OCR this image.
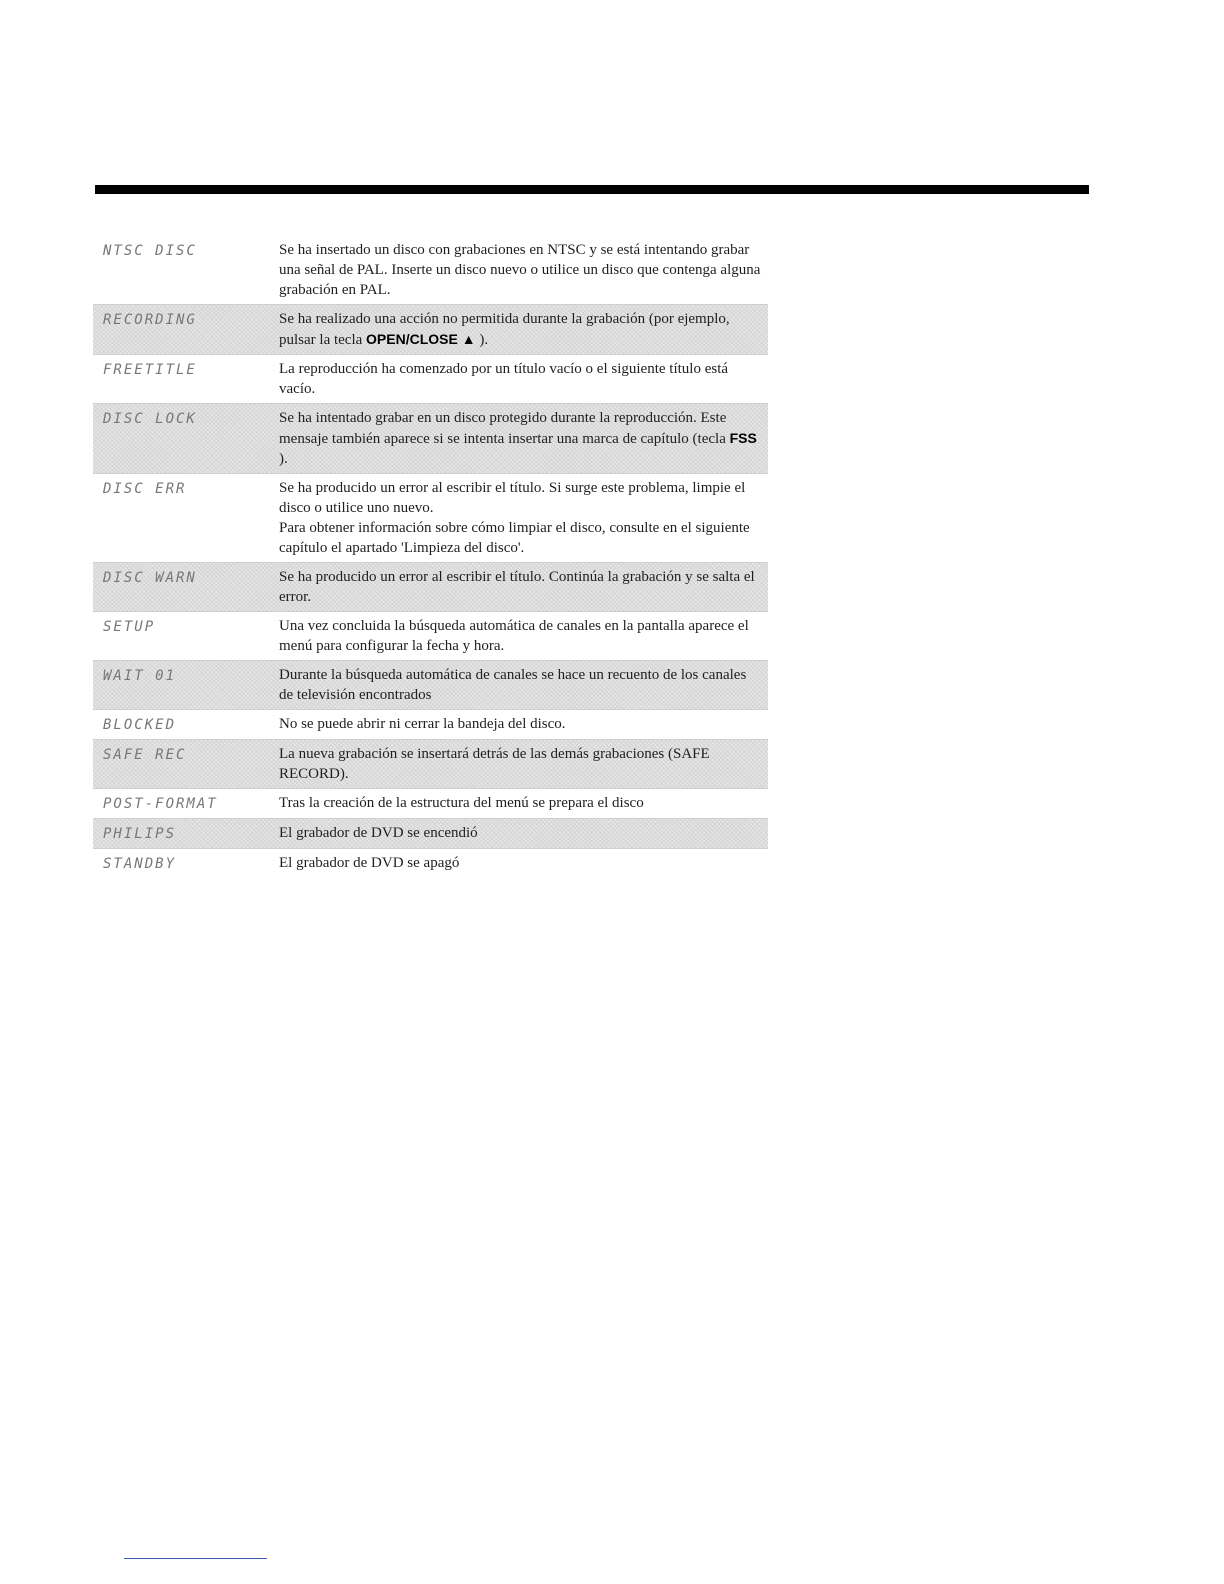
NTSC DISC	Se ha insertado un disco con grabaciones en NTSC y se está intentando grabar una señal de PAL. Inserte un disco nuevo o utilice un disco que contenga alguna grabación en PAL.
RECORDING	Se ha realizado una acción no permitida durante la grabación (por ejemplo, pulsar la tecla OPEN/CLOSE ▲ ).
FREETITLE	La reproducción ha comenzado por un título vacío o el siguiente título está vacío.
DISC LOCK	Se ha intentado grabar en un disco protegido durante la reproducción. Este mensaje también aparece si se intenta insertar una marca de capítulo (tecla FSS ).
DISC ERR	Se ha producido un error al escribir el título. Si surge este problema, limpie el disco o utilice uno nuevo.
Para obtener información sobre cómo limpiar el disco, consulte en el siguiente capítulo el apartado 'Limpieza del disco'.
DISC WARN	Se ha producido un error al escribir el título. Continúa la grabación y se salta el error.
SETUP	Una vez concluida la búsqueda automática de canales en la pantalla aparece el menú para configurar la fecha y hora.
WAIT 01	Durante la búsqueda automática de canales se hace un recuento de los canales de televisión encontrados
BLOCKED	No se puede abrir ni cerrar la bandeja del disco.
SAFE REC	La nueva grabación se insertará detrás de las demás grabaciones (SAFE RECORD).
POST-FORMAT	Tras la creación de la estructura del menú se prepara el disco
PHILIPS	El grabador de DVD se encendió
STANDBY	El grabador de DVD se apagó
